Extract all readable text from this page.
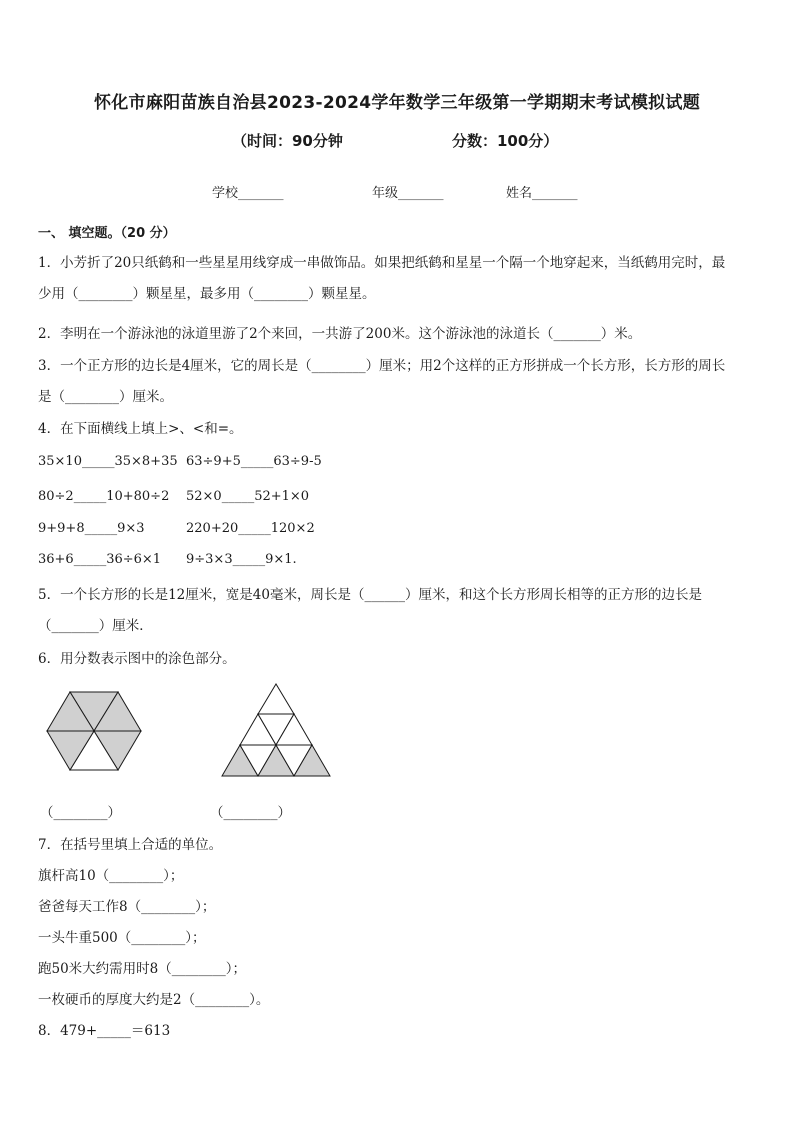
怀化市麻阳苗族自治县2023-2024学年数学三年级第一学期期末考试模拟试题
（时间：90分钟	分数：100分）
学校_______	年级_______	姓名_______
一、 填空题。（20 分）
1．小芳折了20只纸鹤和一些星星用线穿成一串做饰品。如果把纸鹤和星星一个隔一个地穿起来，当纸鹤用完时，最
少用（________）颗星星，最多用（________）颗星星。
2．李明在一个游泳池的泳道里游了2个来回，一共游了200米。这个游泳池的泳道长（_______）米。
3．一个正方形的边长是4厘米，它的周长是（________）厘米；用2个这样的正方形拼成一个长方形，长方形的周长
是（________）厘米。
4．在下面横线上填上>、<和=。
35×10_____35×8+35 63÷9+5_____63÷9-5
80÷2_____10+80÷2 52×0_____52+1×0
9+9+8_____9×3	220+20_____120×2
36+6_____36÷6×1 9÷3×3_____9×1.
5．一个长方形的长是12厘米，宽是40毫米，周长是（______）厘米，和这个长方形周长相等的正方形的边长是
（_______）厘米．
6．用分数表示图中的涂色部分。
（________）	（________）
7．在括号里填上合适的单位。
旗杆高10（________）；
爸爸每天工作8（________）；
一头牛重500（________）；
跑50米大约需用时8（________）；
一枚硬币的厚度大约是2（________）。
8．479+_____＝613
